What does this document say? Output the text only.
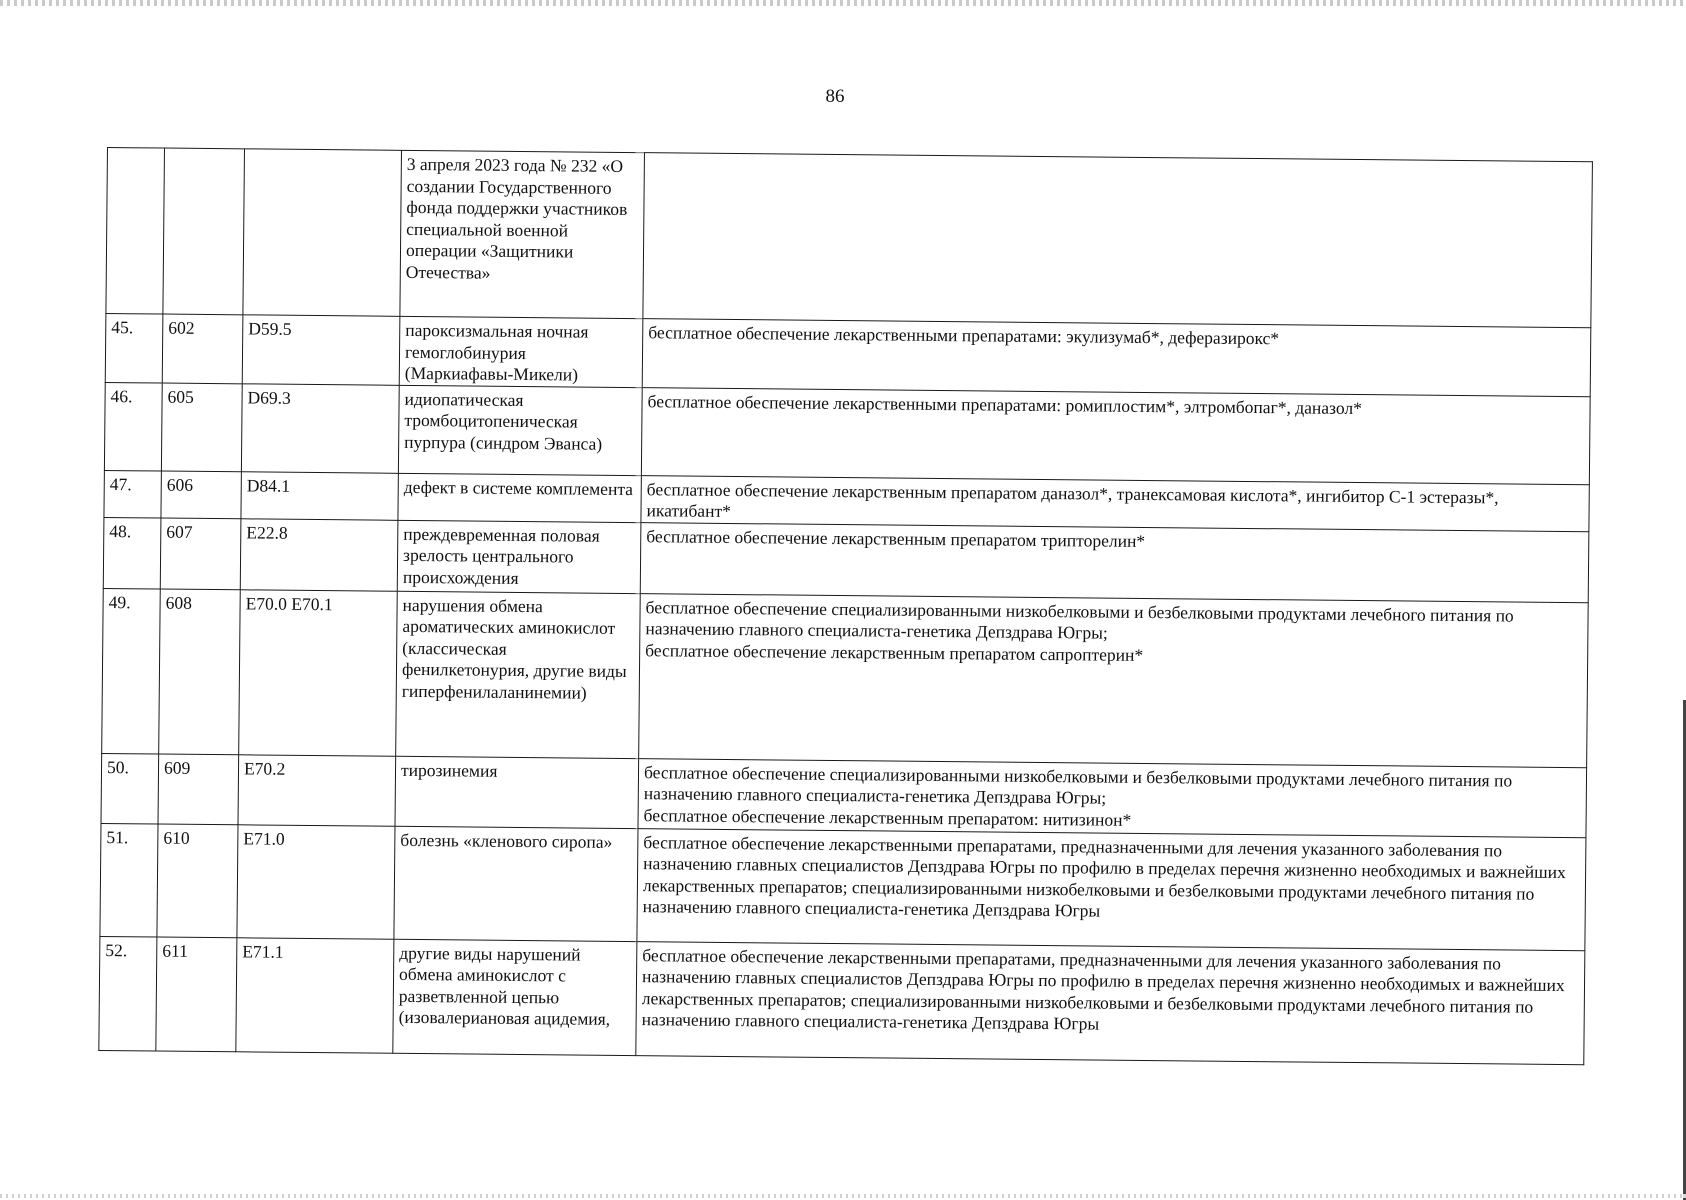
86
			3 апреля 2023 года № 232 «О создании Государственного фонда поддержки участников специальной военной операции «Защитники Отечества»	
45.	602	D59.5	пароксизмальная ночная гемоглобинурия (Маркиафавы-Микели)	бесплатное обеспечение лекарственными препаратами: экулизумаб*, деферазирокс*
46.	605	D69.3	идиопатическая тромбоцитопеническая пурпура (синдром Эванса)	бесплатное обеспечение лекарственными препаратами: ромиплостим*, элтромбопаг*, даназол*
47.	606	D84.1	дефект в системе комплемента	бесплатное обеспечение лекарственным препаратом даназол*, транексамовая кислота*, ингибитор С-1 эстеразы*, икатибант*
48.	607	E22.8	преждевременная половая зрелость центрального происхождения	бесплатное обеспечение лекарственным препаратом трипторелин*
49.	608	E70.0 E70.1	нарушения обмена ароматических аминокислот (классическая фенилкетонурия, другие виды гиперфенилаланинемии)	бесплатное обеспечение специализированными низкобелковыми и безбелковыми продуктами лечебного питания по назначению главного специалиста-генетика Депздрава Югры;
бесплатное обеспечение лекарственным препаратом сапроптерин*
50.	609	E70.2	тирозинемия	бесплатное обеспечение специализированными низкобелковыми и безбелковыми продуктами лечебного питания по назначению главного специалиста-генетика Депздрава Югры;
бесплатное обеспечение лекарственным препаратом: нитизинон*
51.	610	E71.0	болезнь «кленового сиропа»	бесплатное обеспечение лекарственными препаратами, предназначенными для лечения указанного заболевания по назначению главных специалистов Депздрава Югры по профилю в пределах перечня жизненно необходимых и важнейших лекарственных препаратов; специализированными низкобелковыми и безбелковыми продуктами лечебного питания по назначению главного специалиста-генетика Депздрава Югры
52.	611	E71.1	другие виды нарушений обмена аминокислот с разветвленной цепью (изовалериановая ацидемия,	бесплатное обеспечение лекарственными препаратами, предназначенными для лечения указанного заболевания по назначению главных специалистов Депздрава Югры по профилю в пределах перечня жизненно необходимых и важнейших лекарственных препаратов; специализированными низкобелковыми и безбелковыми продуктами лечебного питания по назначению главного специалиста-генетика Депздрава Югры
